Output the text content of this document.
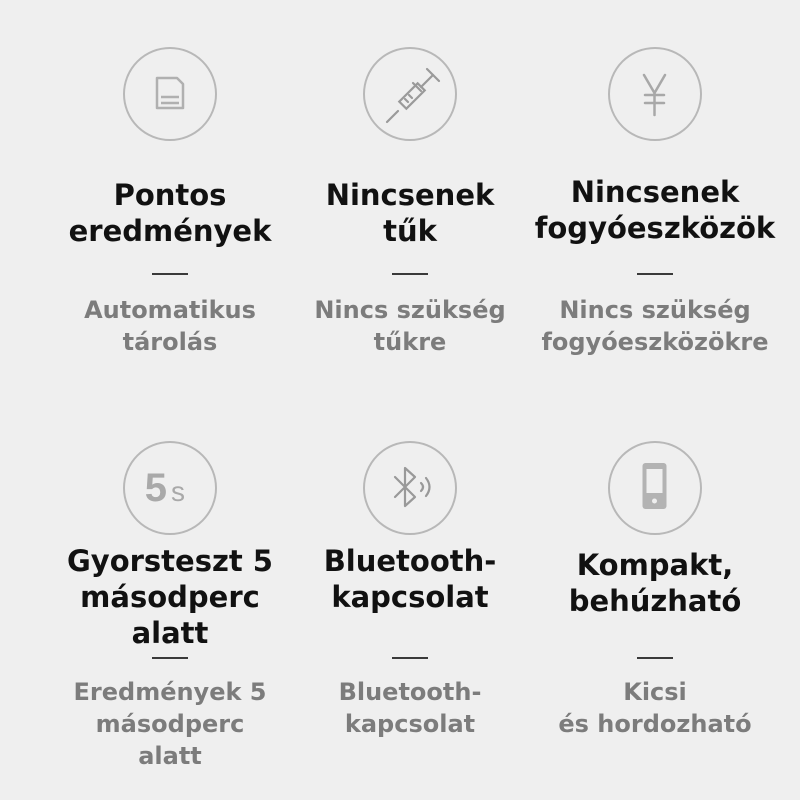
Pontos
eredmények
Automatikus
tárolás
Nincsenek
tűk
Nincs szükség
tűkre
Nincsenek
fogyóeszközök
Nincs szükség
fogyóeszközökre
5 s
Gyorsteszt 5
másodperc
alatt
Eredmények 5
másodperc
alatt
Bluetooth-
kapcsolat
Bluetooth-
kapcsolat
Kompakt,
behúzható
Kicsi
és hordozható
